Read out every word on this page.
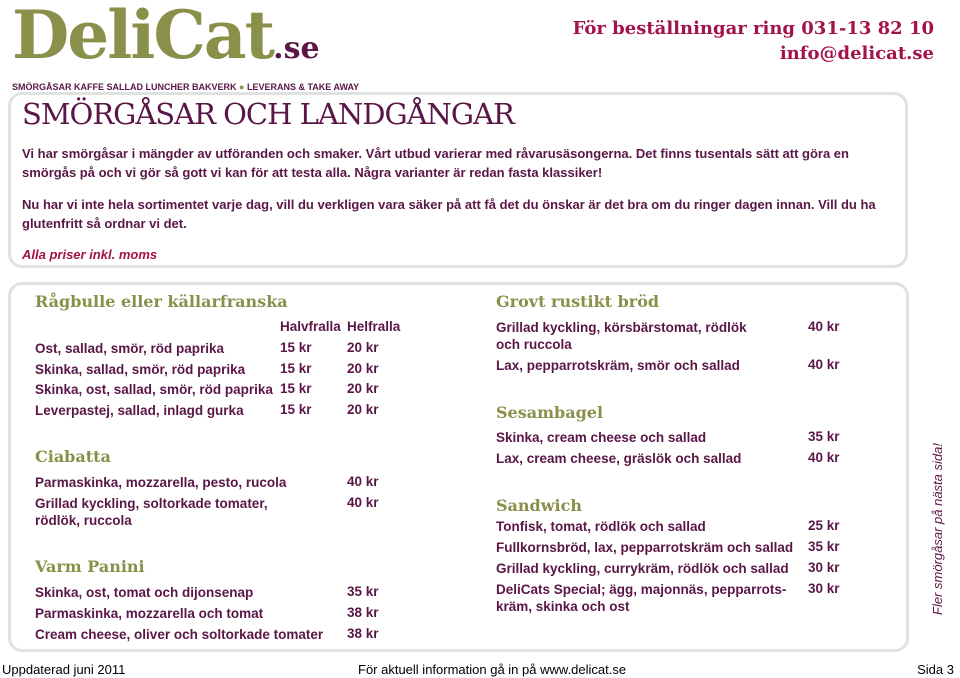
DeliCat.se
SMÖRGÅSAR KAFFE SALLAD LUNCHER BAKVERK ● LEVERANS & TAKE AWAY
För beställningar ring 031-13 82 10
info@delicat.se
SMÖRGÅSAR OCH LANDGÅNGAR
Vi har smörgåsar i mängder av utföranden och smaker. Vårt utbud varierar med råvarusäsongerna. Det finns tusentals sätt att göra en smörgås på och vi gör så gott vi kan för att testa alla. Några varianter är redan fasta klassiker!
Nu har vi inte hela sortimentet varje dag, vill du verkligen vara säker på att få det du önskar är det bra om du ringer dagen innan. Vill du ha glutenfritt så ordnar vi det.
Alla priser inkl. moms
Rågbulle eller källarfranska
Halvfralla Helfralla
Ost, sallad, smör, röd paprika	15 kr	20 kr
Skinka, sallad, smör, röd paprika	15 kr	20 kr
Skinka, ost, sallad, smör, röd paprika 15 kr	20 kr
Leverpastej, sallad, inlagd gurka	15 kr	20 kr
Ciabatta
Parmaskinka, mozzarella, pesto, rucola	40 kr
Grillad kyckling, soltorkade tomater,
rödlök, ruccola
40 kr
Varm Panini
Skinka, ost, tomat och dijonsenap	35 kr
Parmaskinka, mozzarella och tomat	38 kr
Cream cheese, oliver och soltorkade tomater 38 kr
Grovt rustikt bröd
Grillad kyckling, körsbärstomat, rödlök
och ruccola
40 kr
Lax, pepparrotskräm, smör och sallad	40 kr
Sesambagel
Skinka, cream cheese och sallad	35 kr
Lax, cream cheese, gräslök och sallad	40 kr
Sandwich
Tonfisk, tomat, rödlök och sallad	25 kr
Fullkornsbröd, lax, pepparrotskräm och sallad 35 kr
Grillad kyckling, currykräm, rödlök och sallad 30 kr
DeliCats Special; ägg, majonnäs, pepparrots-
kräm, skinka och ost
30 kr	Fler smörgåsar på nästa sida!
Uppdaterad juni 2011	För aktuell information gå in på www.delicat.se	Sida 3
